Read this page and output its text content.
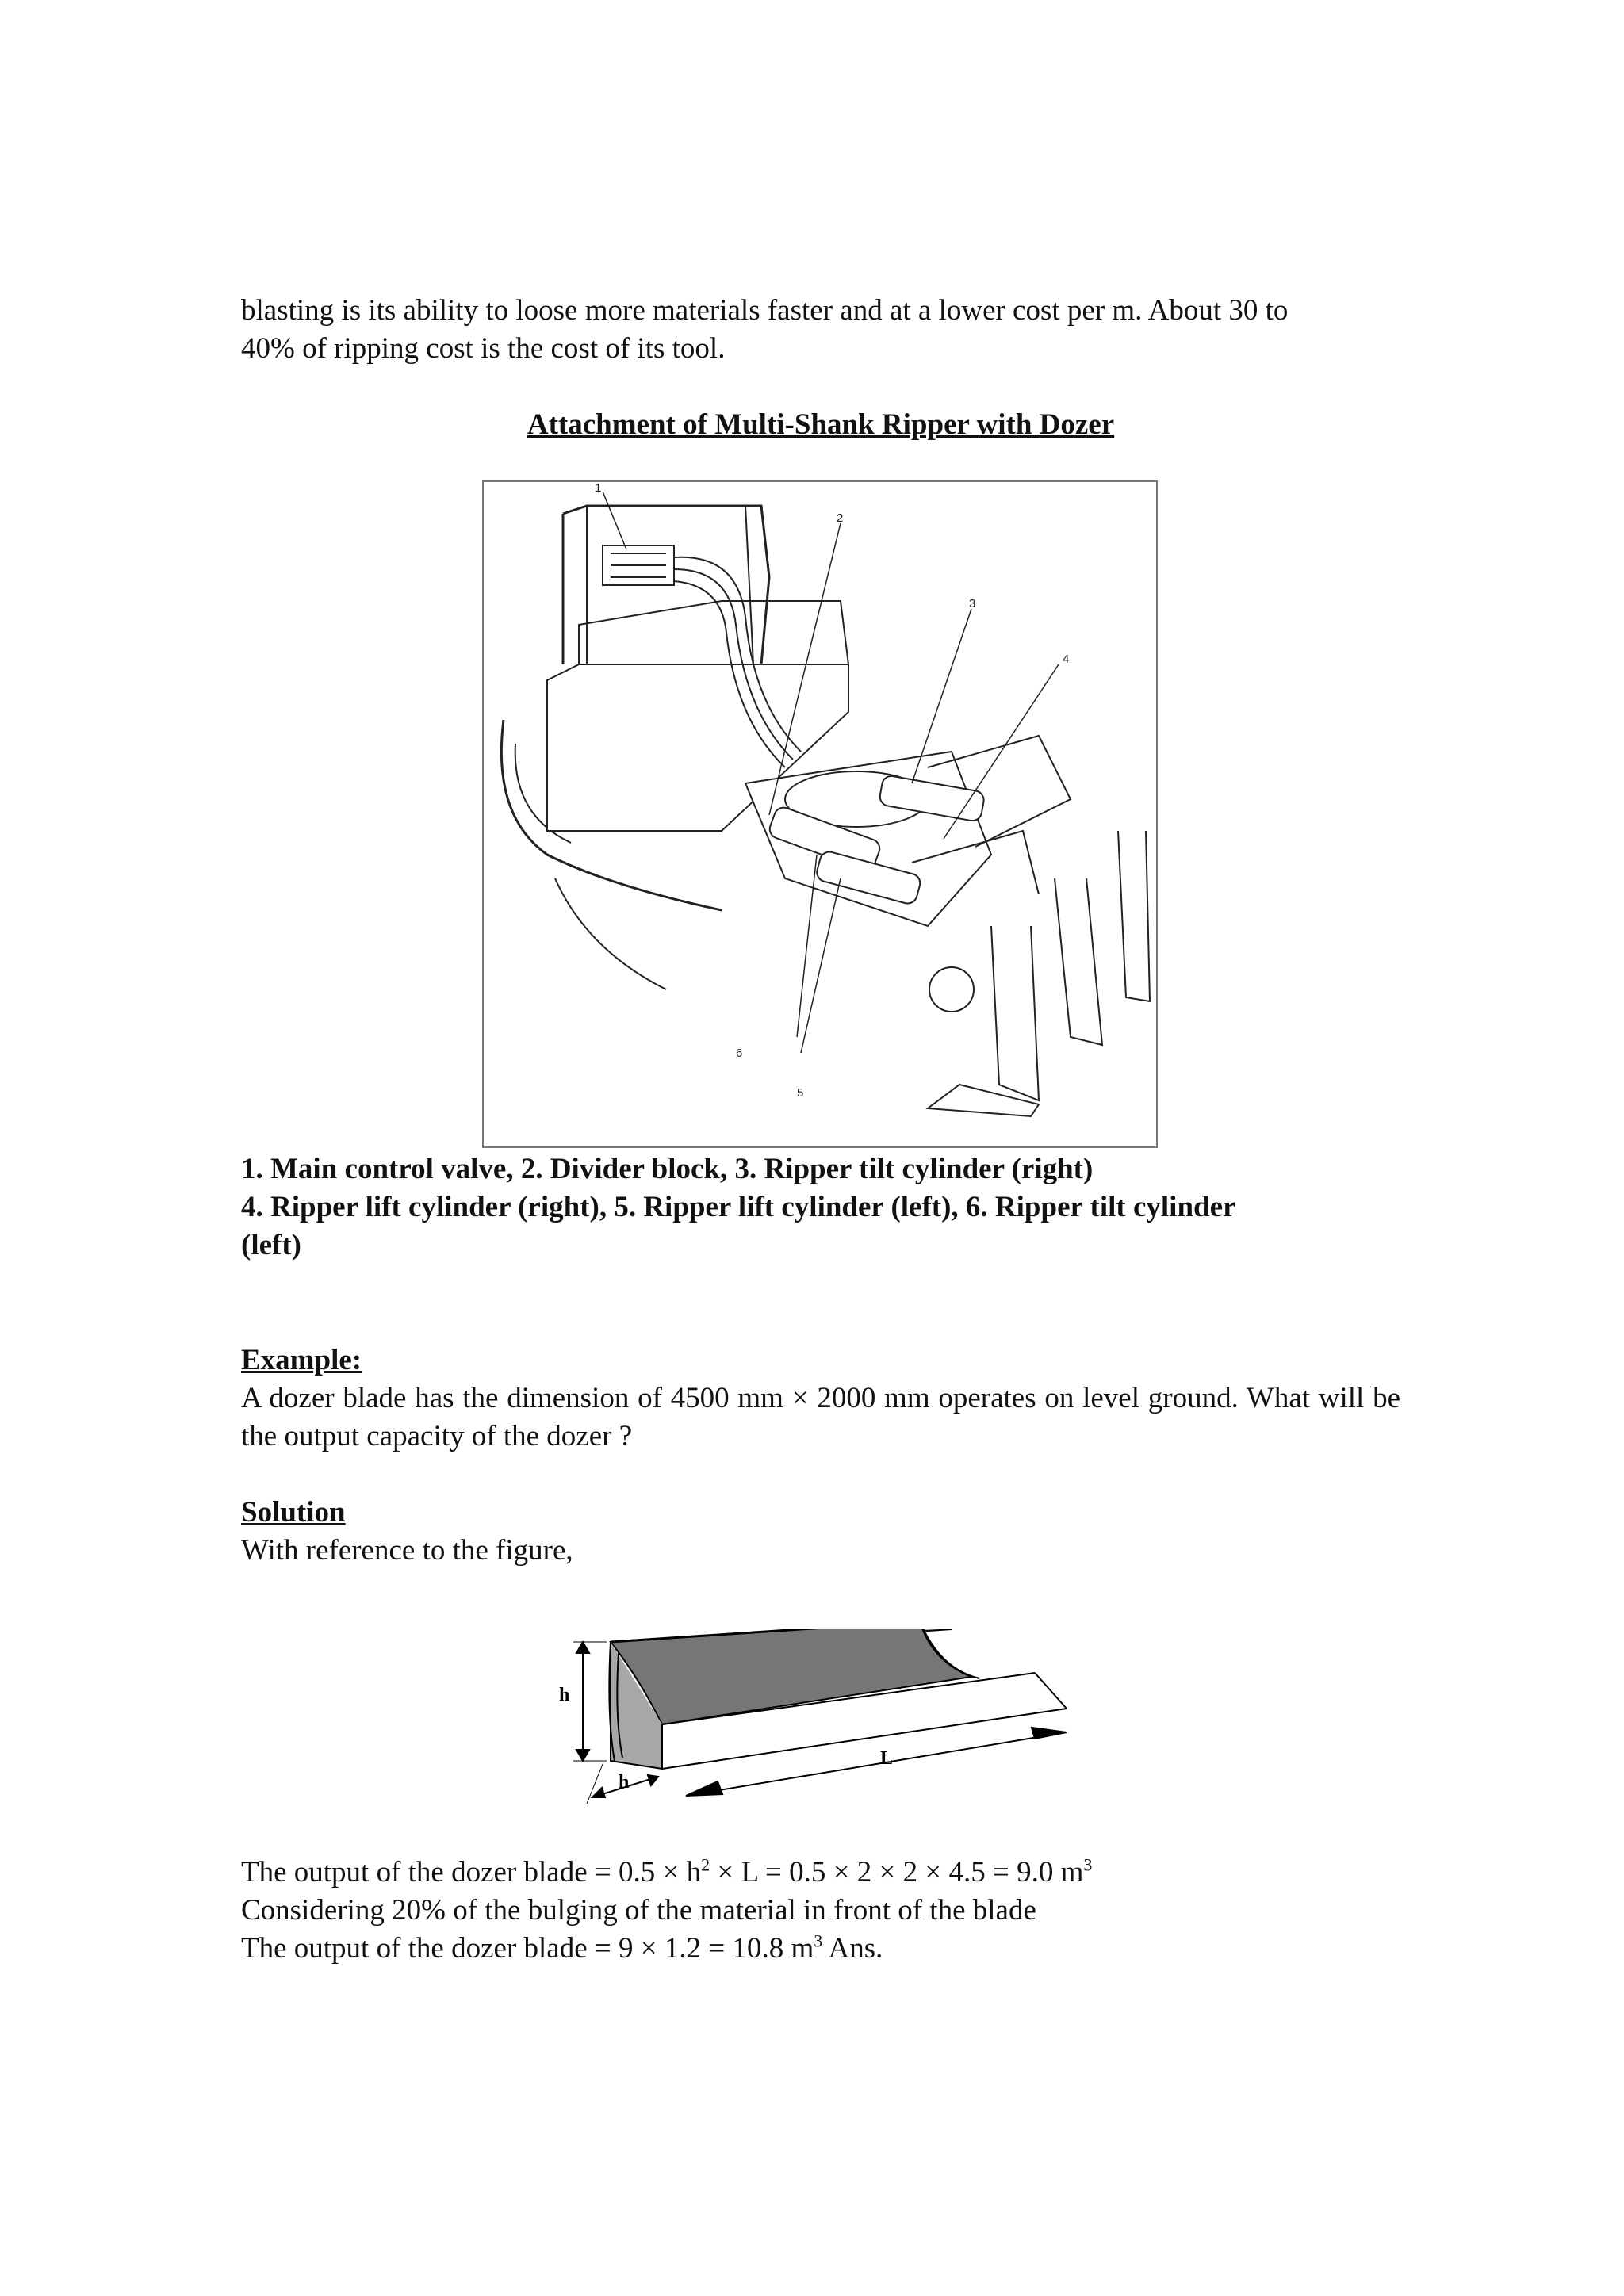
blasting is its ability to loose more materials faster and at a lower cost per m. About 30 to
40% of ripping cost is the cost of its tool.
Attachment of Multi-Shank Ripper with Dozer
1
2
3
4
5
6
1. Main control valve, 2. Divider block, 3. Ripper tilt cylinder (right)
4. Ripper lift cylinder (right), 5. Ripper lift cylinder (left), 6. Ripper tilt cylinder
(left)
Example:
A dozer blade has the dimension of 4500 mm × 2000 mm operates on level ground. What will be the output capacity of the dozer ?
Solution
With reference to the figure,
h
h
L
The output of the dozer blade = $0.5 \times h^2 \times L = 0.5 \times 2 \times 2 \times 4.5 = 9.0$ $m^3$
Considering 20% of the bulging of the material in front of the blade
The output of the dozer blade = 9 × 1.2 = 10.8 $m^3$ Ans.
